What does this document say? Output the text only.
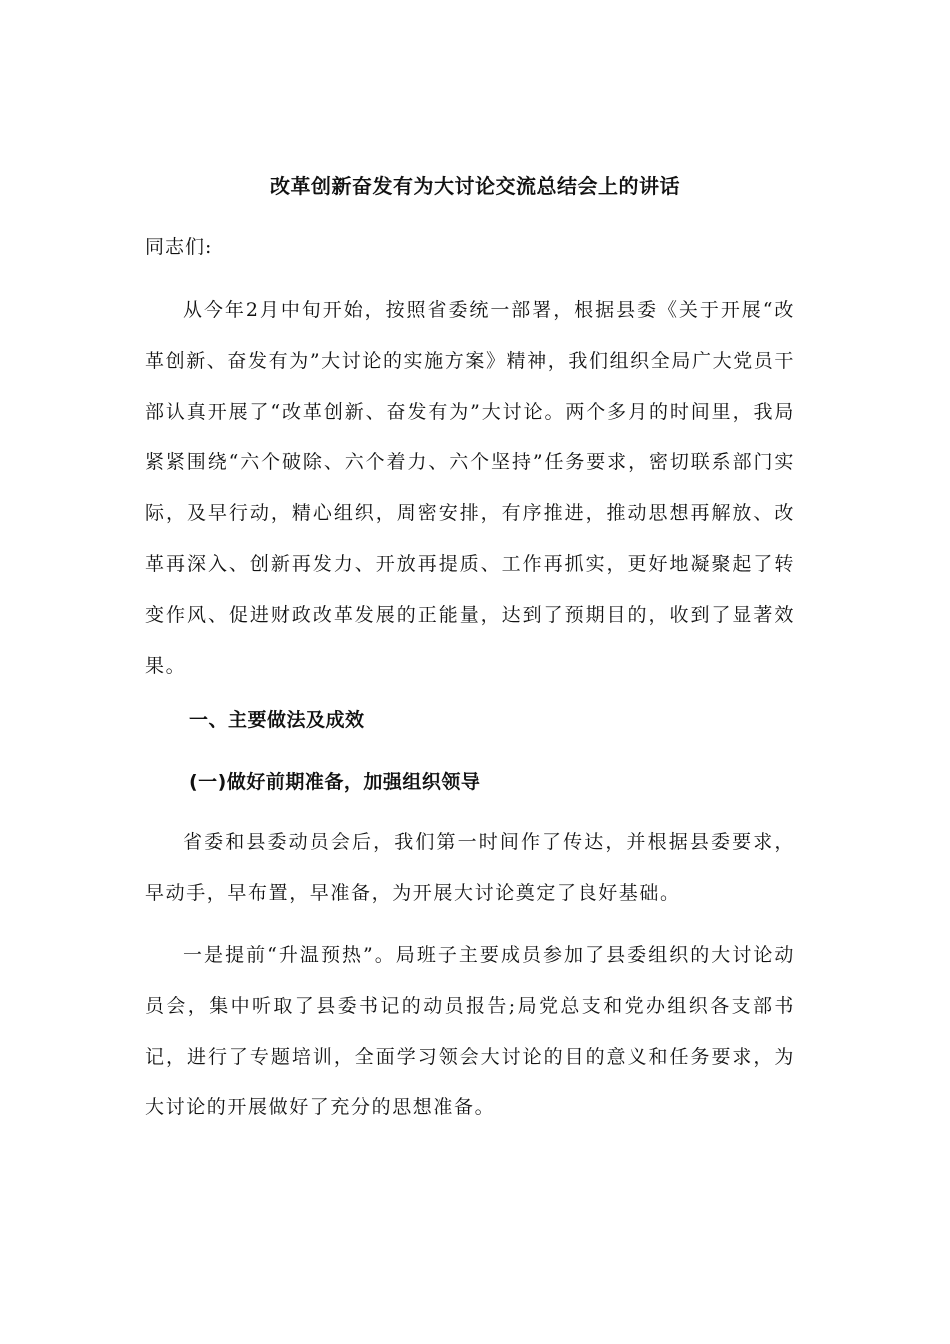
改革创新奋发有为大讨论交流总结会上的讲话
同志们:

从今年2月中旬开始，按照省委统一部署，根据县委《关于开展“改革创新、奋发有为”大讨论的实施方案》精神，我们组织全局广大党员干部认真开展了“改革创新、奋发有为”大讨论。两个多月的时间里，我局紧紧围绕“六个破除、六个着力、六个坚持”任务要求，密切联系部门实际，及早行动，精心组织，周密安排，有序推进，推动思想再解放、改革再深入、创新再发力、开放再提质、工作再抓实，更好地凝聚起了转变作风、促进财政改革发展的正能量，达到了预期目的，收到了显著效果。

一、主要做法及成效
(一)做好前期准备，加强组织领导

省委和县委动员会后，我们第一时间作了传达，并根据县委要求，早动手，早布置，早准备，为开展大讨论奠定了良好基础。

一是提前“升温预热”。局班子主要成员参加了县委组织的大讨论动员会，集中听取了县委书记的动员报告;局党总支和党办组织各支部书记，进行了专题培训，全面学习领会大讨论的目的意义和任务要求，为大讨论的开展做好了充分的思想准备。
